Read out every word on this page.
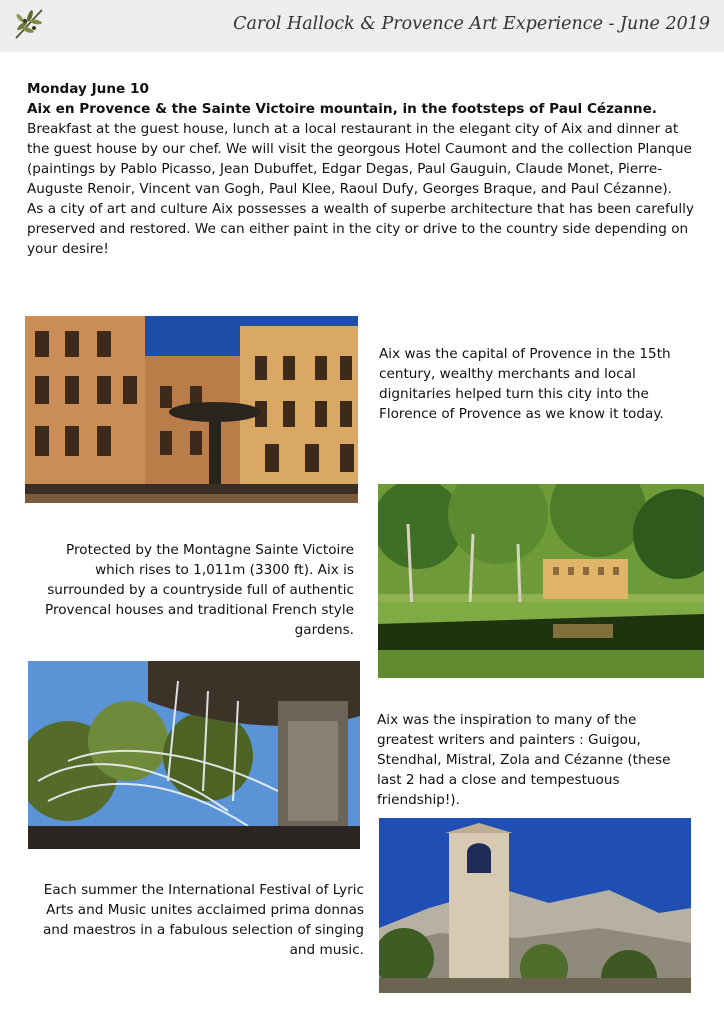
Carol Hallock & Provence Art Experience - June 2019

Monday June 10

Aix en Provence & the Sainte Victoire mountain, in the footsteps of Paul Cézanne.

Breakfast at the guest house, lunch at a local restaurant in the elegant city of Aix and dinner at the guest house by our chef. We will visit the georgous Hotel Caumont and the collection Planque (paintings by Pablo Picasso, Jean Dubuffet, Edgar Degas, Paul Gauguin, Claude Monet, Pierre-Auguste Renoir, Vincent van Gogh, Paul Klee, Raoul Dufy, Georges Braque, and Paul Cézanne).

As a city of art and culture Aix possesses a wealth of superbe architecture that has been carefully preserved and restored. We can either paint in the city or drive to the country side depending on your desire!

Aix was the capital of Provence in the 15th century, wealthy merchants and local dignitaries helped turn this city into the Florence of Provence as we know it today.
Protected by the Montagne Sainte Victoire which rises to 1,011m (3300 ft). Aix is surrounded by a countryside full of authentic Provencal houses and traditional French style gardens.
Aix was the inspiration to many of the greatest writers and painters : Guigou, Stendhal, Mistral, Zola and Cézanne (these last 2 had a close and tempestuous friendship!).
Each summer the International Festival of Lyric Arts and Music unites acclaimed prima donnas and maestros in a fabulous selection of singing and music.
